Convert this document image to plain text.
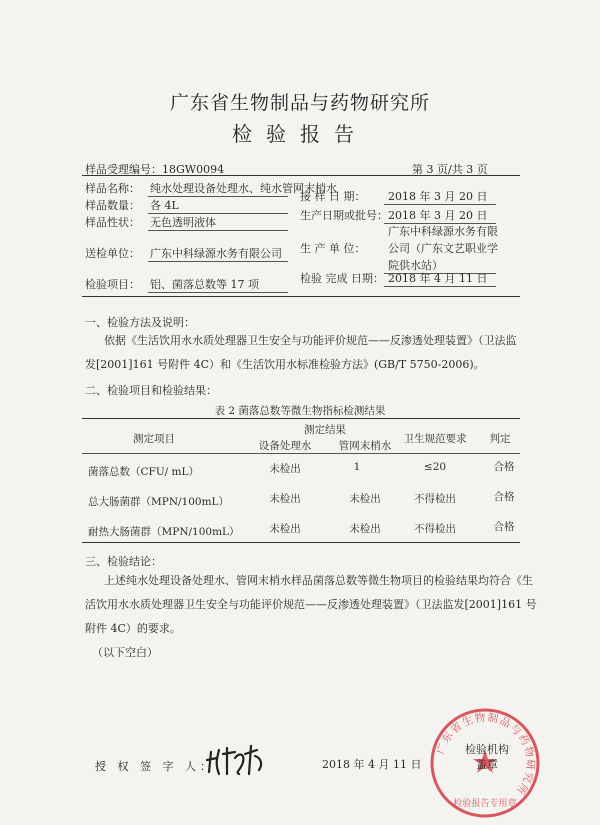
广东省生物制品与药物研究所
检验报告
样品受理编号：18GW0094	第 3 页/共 3 页
样品名称： 纯水处理设备处理水、纯水管网末梢水
样品数量： 各 4L
样品性状： 无色透明液体
送检单位： 广东中科绿源水务有限公司
检验项目： 铝、菌落总数等 17 项
接 样 日 期： 2018 年 3 月 20 日
生产日期或批号： 2018 年 3 月 20 日
生 产 单 位：
广东中科绿源水务有限
公司（广东文艺职业学
院供水站）
检验 完成 日期： 2018 年 4 月 11 日
一、检验方法及说明：
依据《生活饮用水水质处理器卫生安全与功能评价规范——反渗透处理装置》（卫法监
发[2001]161 号附件 4C）和《生活饮用水标准检验方法》(GB/T 5750-2006)。
二、检验项目和检验结果：
表 2 菌落总数等微生物指标检测结果
测定项目
测定结果
设备处理水	管网末梢水
卫生规范要求	判定
菌落总数（CFU/ mL）	未检出	1	≤20	合格
总大肠菌群（MPN/100mL）	未检出	未检出	不得检出	合格
耐热大肠菌群（MPN/100mL）	未检出	未检出	不得检出	合格
三、检验结论：
上述纯水处理设备处理水、管网末梢水样品菌落总数等微生物项目的检验结果均符合《生
活饮用水水质处理器卫生安全与功能评价规范——反渗透处理装置》（卫法监发[2001]161 号
附件 4C）的要求。
（以下空白）
授 权 签 字 人：	2018 年 4 月 11 日
广东省生物制品与药物研究所
检验报告专用章
检验机构
盖章
